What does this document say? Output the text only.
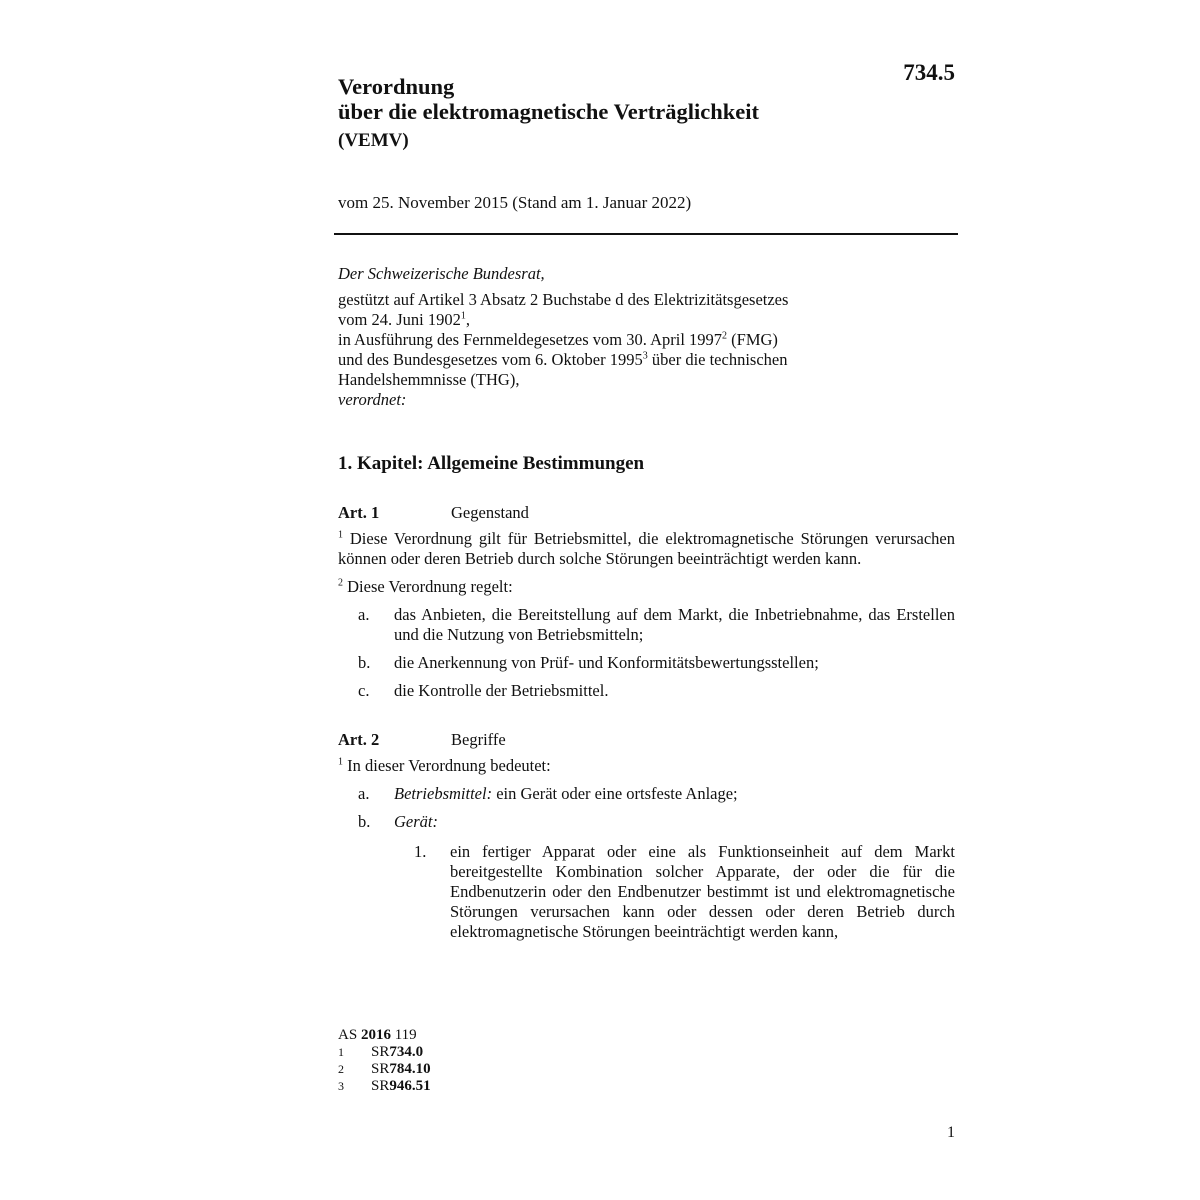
734.5
Verordnung
über die elektromagnetische Verträglichkeit
(VEMV)
vom 25. November 2015 (Stand am 1. Januar 2022)

Der Schweizerische Bundesrat,

gestützt auf Artikel 3 Absatz 2 Buchstabe d des Elektrizitätsgesetzes

vom 24. Juni 1902$^1$,

in Ausführung des Fernmeldegesetzes vom 30. April 1997$^2$ (FMG)

und des Bundesgesetzes vom 6. Oktober 1995$^3$ über die technischen

Handelshemmnisse (THG),

verordnet:

1. Kapitel: Allgemeine Bestimmungen
Art. 1	Gegenstand
$^1$ Diese Verordnung gilt für Betriebsmittel, die elektromagnetische Störungen verursachen können oder deren Betrieb durch solche Störungen beeinträchtigt werden kann.
$^2$ Diese Verordnung regelt:
a.	das Anbieten, die Bereitstellung auf dem Markt, die Inbetriebnahme, das Erstellen und die Nutzung von Betriebsmitteln;
b.	die Anerkennung von Prüf- und Konformitätsbewertungsstellen;
c.	die Kontrolle der Betriebsmittel.
Art. 2	Begriffe
$^1$ In dieser Verordnung bedeutet:
a.	Betriebsmittel: ein Gerät oder eine ortsfeste Anlage;
b.	Gerät:
1.	ein fertiger Apparat oder eine als Funktionseinheit auf dem Markt bereitgestellte Kombination solcher Apparate, der oder die für die Endbenutzerin oder den Endbenutzer bestimmt ist und elektromagnetische Störungen verursachen kann oder dessen oder deren Betrieb durch elektromagnetische Störungen beeinträchtigt werden kann,
AS 2016 119
1	SR 734.0
2	SR 784.10
3	SR 946.51
1
